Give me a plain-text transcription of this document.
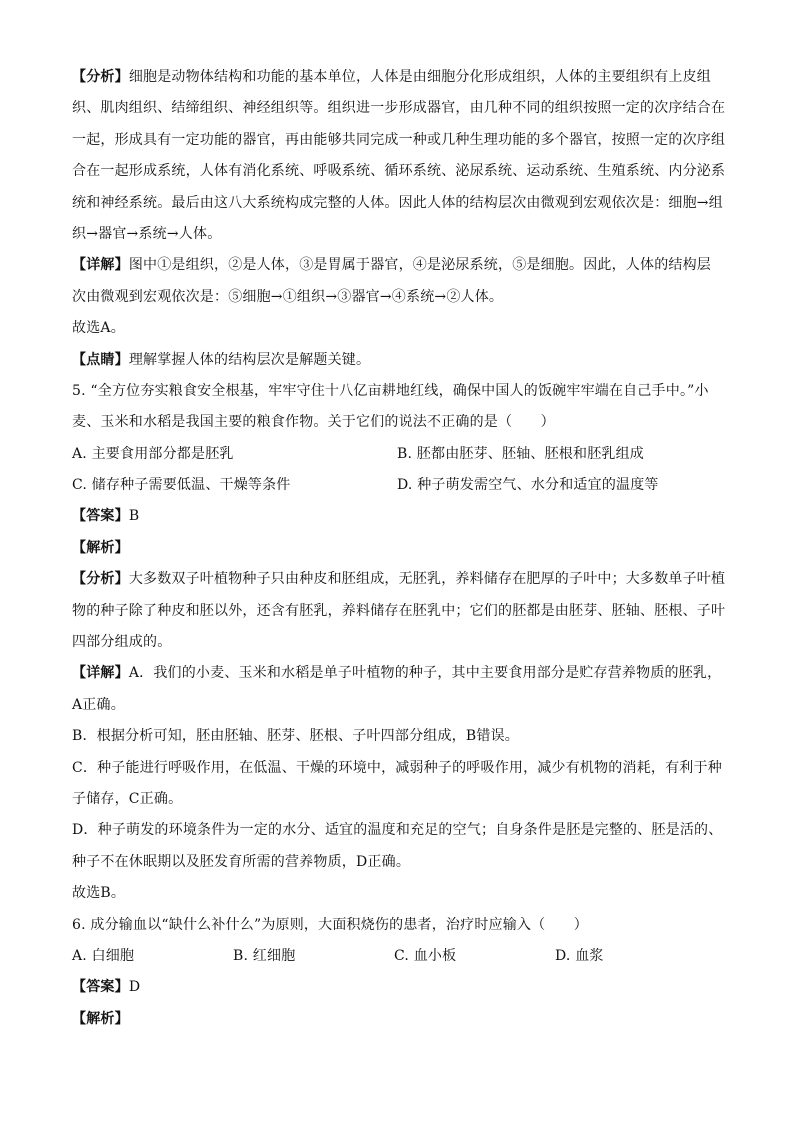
【分析】细胞是动物体结构和功能的基本单位，人体是由细胞分化形成组织，人体的主要组织有上皮组
织、肌肉组织、结缔组织、神经组织等。组织进一步形成器官，由几种不同的组织按照一定的次序结合在
一起，形成具有一定功能的器官，再由能够共同完成一种或几种生理功能的多个器官，按照一定的次序组
合在一起形成系统，人体有消化系统、呼吸系统、循环系统、泌尿系统、运动系统、生殖系统、内分泌系
统和神经系统。最后由这八大系统构成完整的人体。因此人体的结构层次由微观到宏观依次是：细胞→组
织→器官→系统→人体。
【详解】图中①是组织，②是人体，③是胃属于器官，④是泌尿系统，⑤是细胞。因此，人体的结构层
次由微观到宏观依次是：⑤细胞→①组织→③器官→④系统→②人体。
故选A。
【点睛】理解掌握人体的结构层次是解题关键。
5. “全方位夯实粮食安全根基，牢牢守住十八亿亩耕地红线，确保中国人的饭碗牢牢端在自己手中。”小
麦、玉米和水稻是我国主要的粮食作物。关于它们的说法不正确的是（　　）
A. 主要食用部分都是胚乳	B. 胚都由胚芽、胚轴、胚根和胚乳组成
C. 储存种子需要低温、干燥等条件	D. 种子萌发需空气、水分和适宜的温度等
【答案】B
【解析】
【分析】大多数双子叶植物种子只由种皮和胚组成，无胚乳，养料储存在肥厚的子叶中；大多数单子叶植
物的种子除了种皮和胚以外，还含有胚乳，养料储存在胚乳中；它们的胚都是由胚芽、胚轴、胚根、子叶
四部分组成的。
【详解】A．我们的小麦、玉米和水稻是单子叶植物的种子，其中主要食用部分是贮存营养物质的胚乳，
A正确。
B．根据分析可知，胚由胚轴、胚芽、胚根、子叶四部分组成，B错误。
C．种子能进行呼吸作用，在低温、干燥的环境中，减弱种子的呼吸作用，减少有机物的消耗，有利于种
子储存，C正确。
D．种子萌发的环境条件为一定的水分、适宜的温度和充足的空气；自身条件是胚是完整的、胚是活的、
种子不在休眠期以及胚发育所需的营养物质，D正确。
故选B。
6. 成分输血以“缺什么补什么”为原则，大面积烧伤的患者，治疗时应输入（　　）
A. 白细胞	B. 红细胞	C. 血小板	D. 血浆
【答案】D
【解析】
